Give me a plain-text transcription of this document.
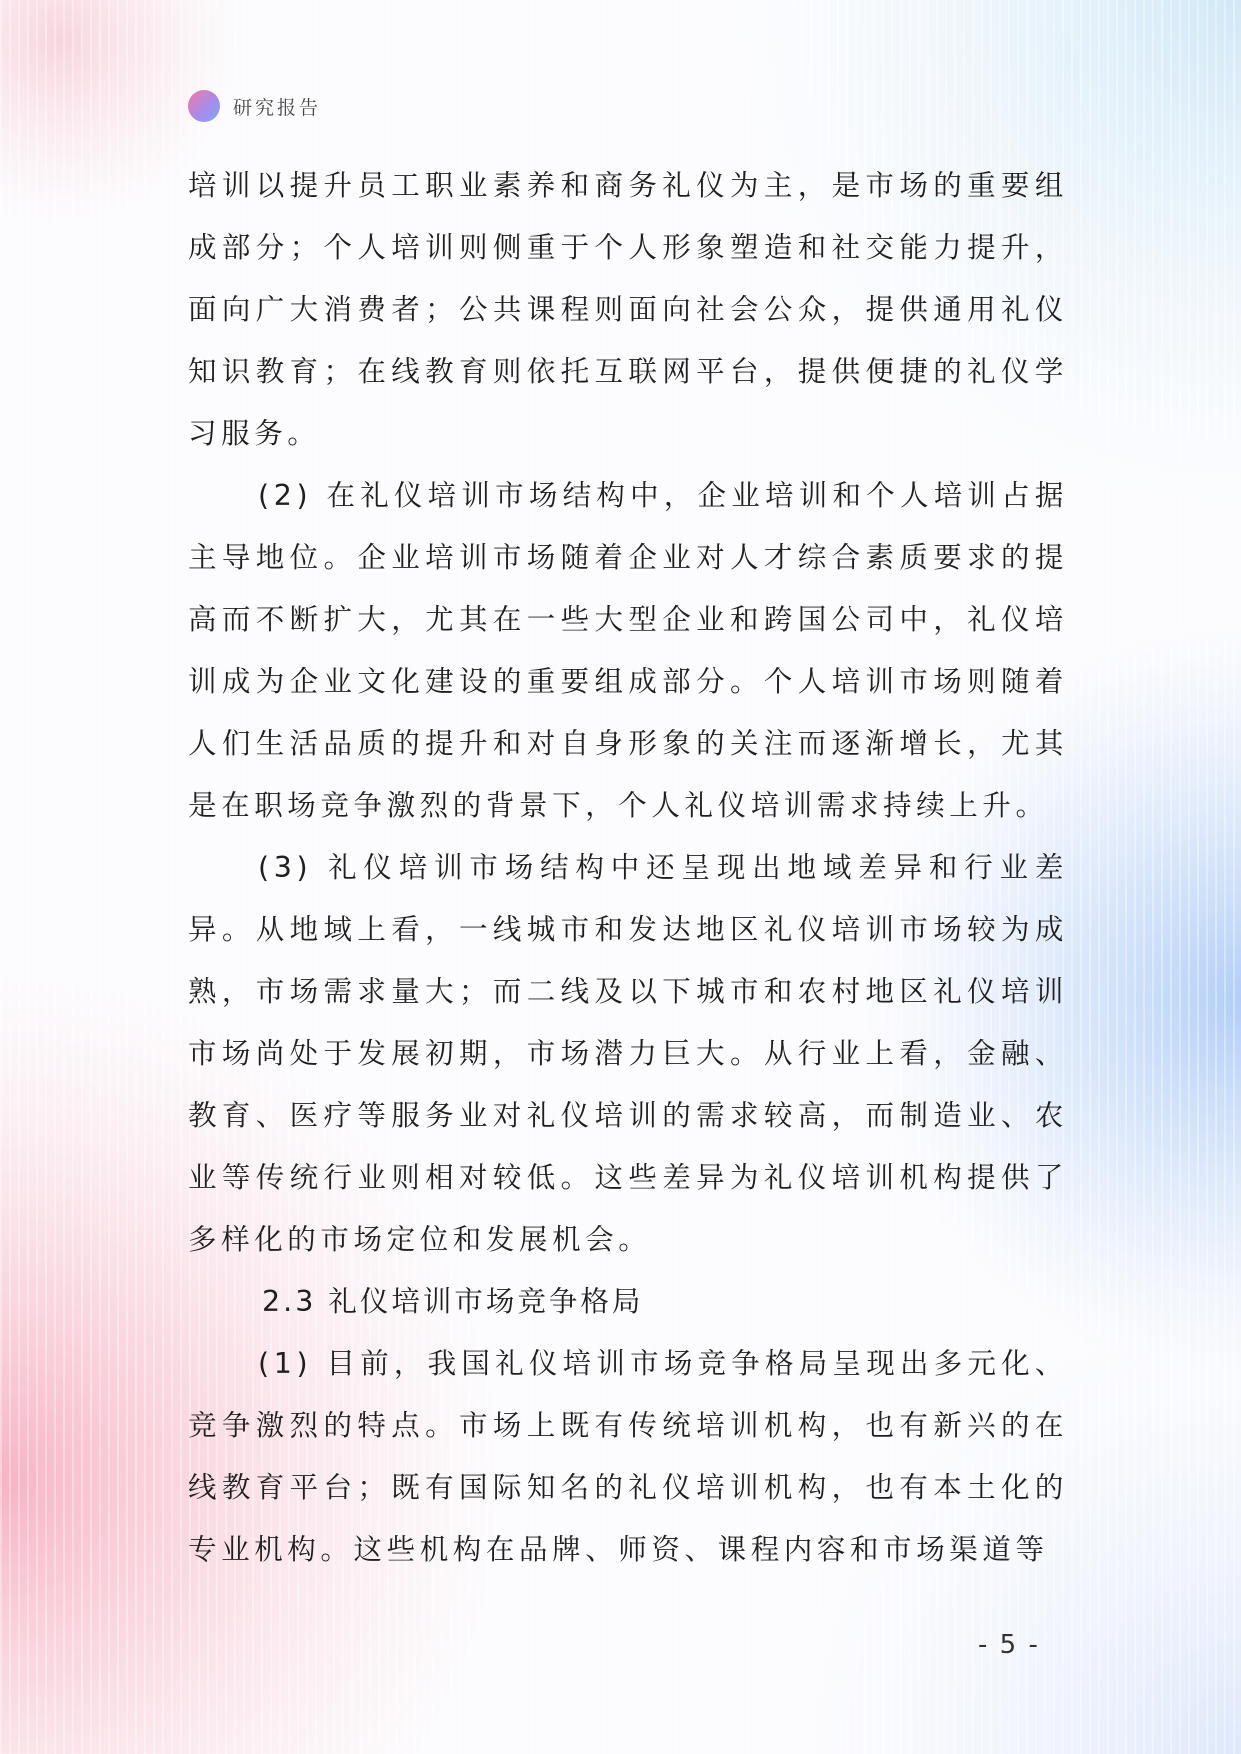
研究报告

培训以提升员工职业素养和商务礼仪为主，是市场的重要组成部分；个人培训则侧重于个人形象塑造和社交能力提升，面向广大消费者；公共课程则面向社会公众，提供通用礼仪知识教育；在线教育则依托互联网平台，提供便捷的礼仪学习服务。

(2) 在礼仪培训市场结构中，企业培训和个人培训占据主导地位。企业培训市场随着企业对人才综合素质要求的提高而不断扩大，尤其在一些大型企业和跨国公司中，礼仪培训成为企业文化建设的重要组成部分。个人培训市场则随着人们生活品质的提升和对自身形象的关注而逐渐增长，尤其是在职场竞争激烈的背景下，个人礼仪培训需求持续上升。

(3) 礼仪培训市场结构中还呈现出地域差异和行业差异。从地域上看，一线城市和发达地区礼仪培训市场较为成熟，市场需求量大；而二线及以下城市和农村地区礼仪培训市场尚处于发展初期，市场潜力巨大。从行业上看，金融、教育、医疗等服务业对礼仪培训的需求较高，而制造业、农业等传统行业则相对较低。这些差异为礼仪培训机构提供了多样化的市场定位和发展机会。

2.3 礼仪培训市场竞争格局

(1) 目前，我国礼仪培训市场竞争格局呈现出多元化、竞争激烈的特点。市场上既有传统培训机构，也有新兴的在线教育平台；既有国际知名的礼仪培训机构，也有本土化的专业机构。这些机构在品牌、师资、课程内容和市场渠道等

- 5 -
